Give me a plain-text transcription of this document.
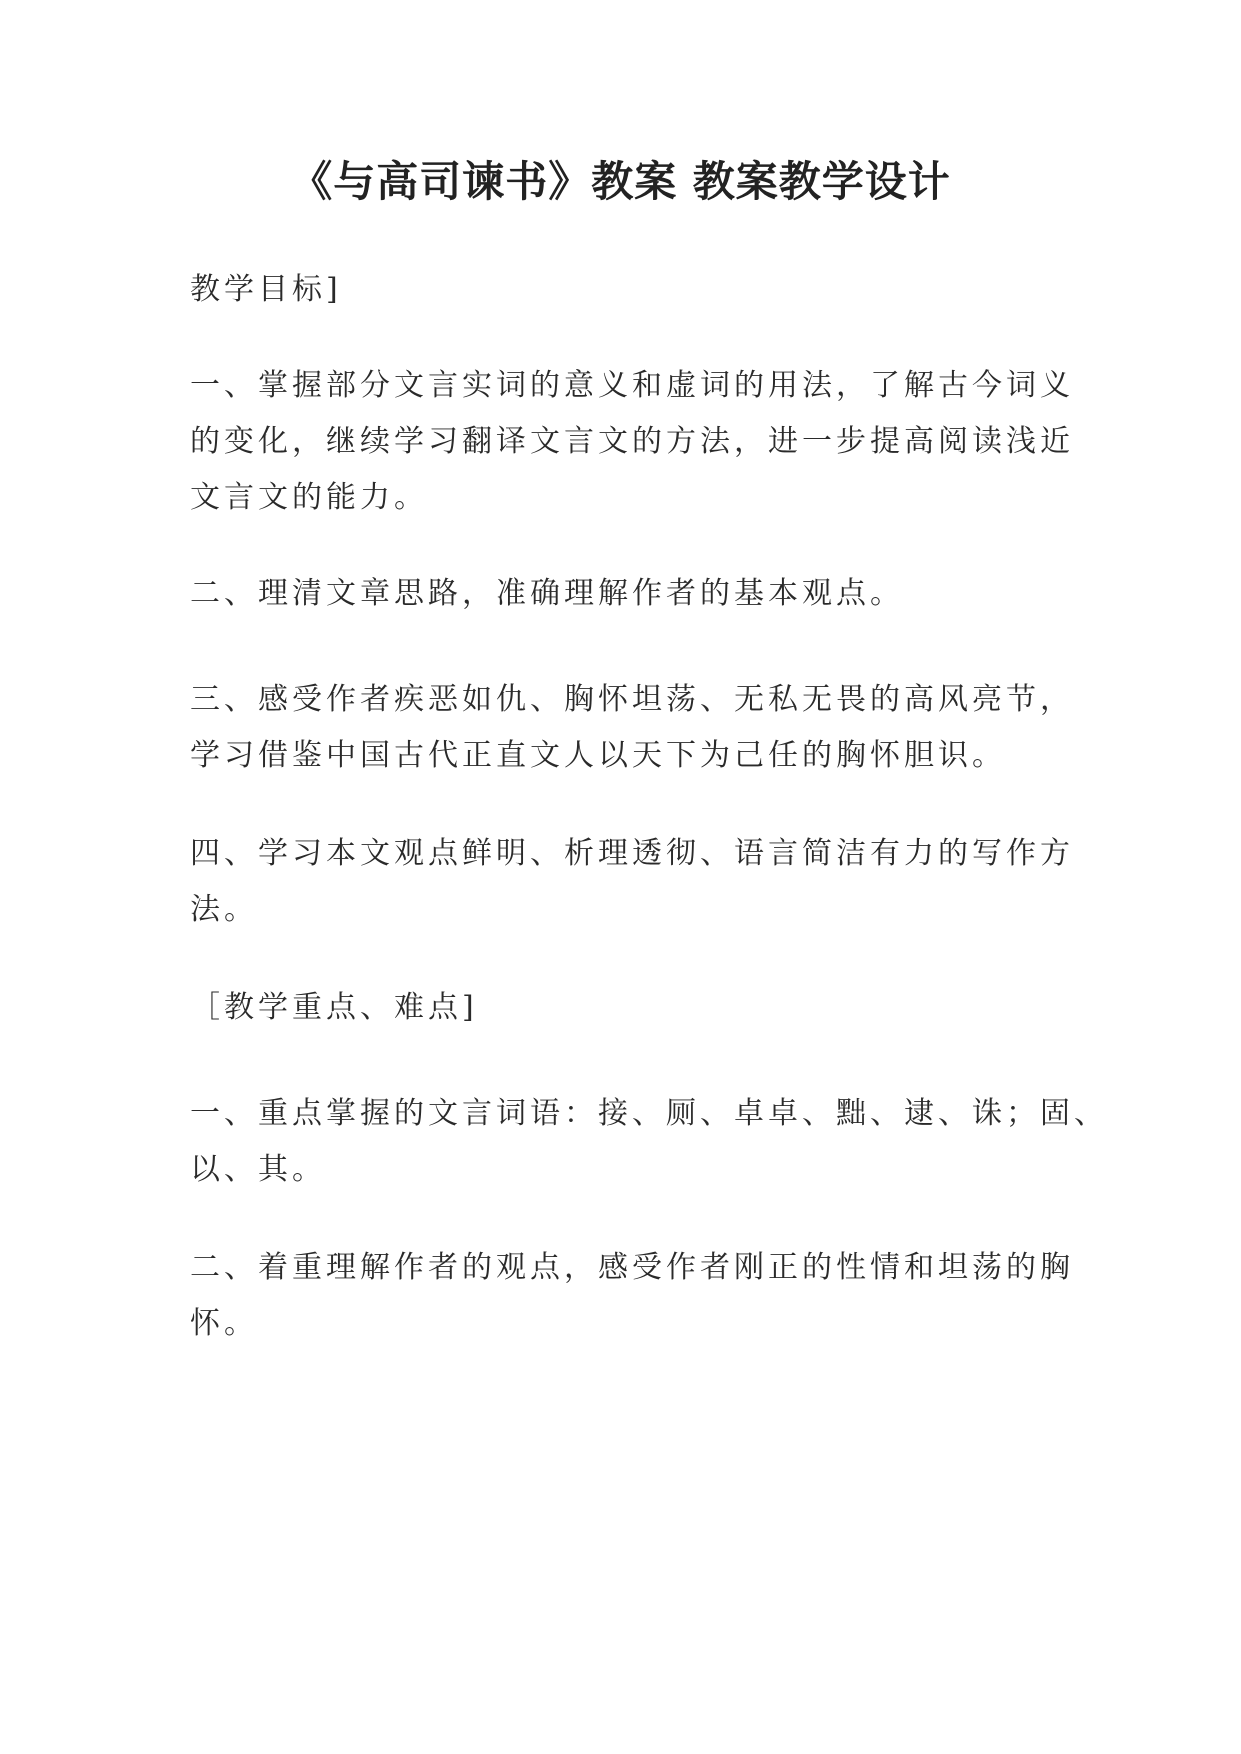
《与高司谏书》教案 教案教学设计

教学目标]

一、掌握部分文言实词的意义和虚词的用法，了解古今词义
的变化，继续学习翻译文言文的方法，进一步提高阅读浅近
文言文的能力。

二、理清文章思路，准确理解作者的基本观点。

三、感受作者疾恶如仇、胸怀坦荡、无私无畏的高风亮节，
学习借鉴中国古代正直文人以天下为己任的胸怀胆识。

四、学习本文观点鲜明、析理透彻、语言简洁有力的写作方
法。

［教学重点、难点]

一、重点掌握的文言词语：接、厕、卓卓、黜、逮、诛；固、
以、其。

二、着重理解作者的观点，感受作者刚正的性情和坦荡的胸
怀。
